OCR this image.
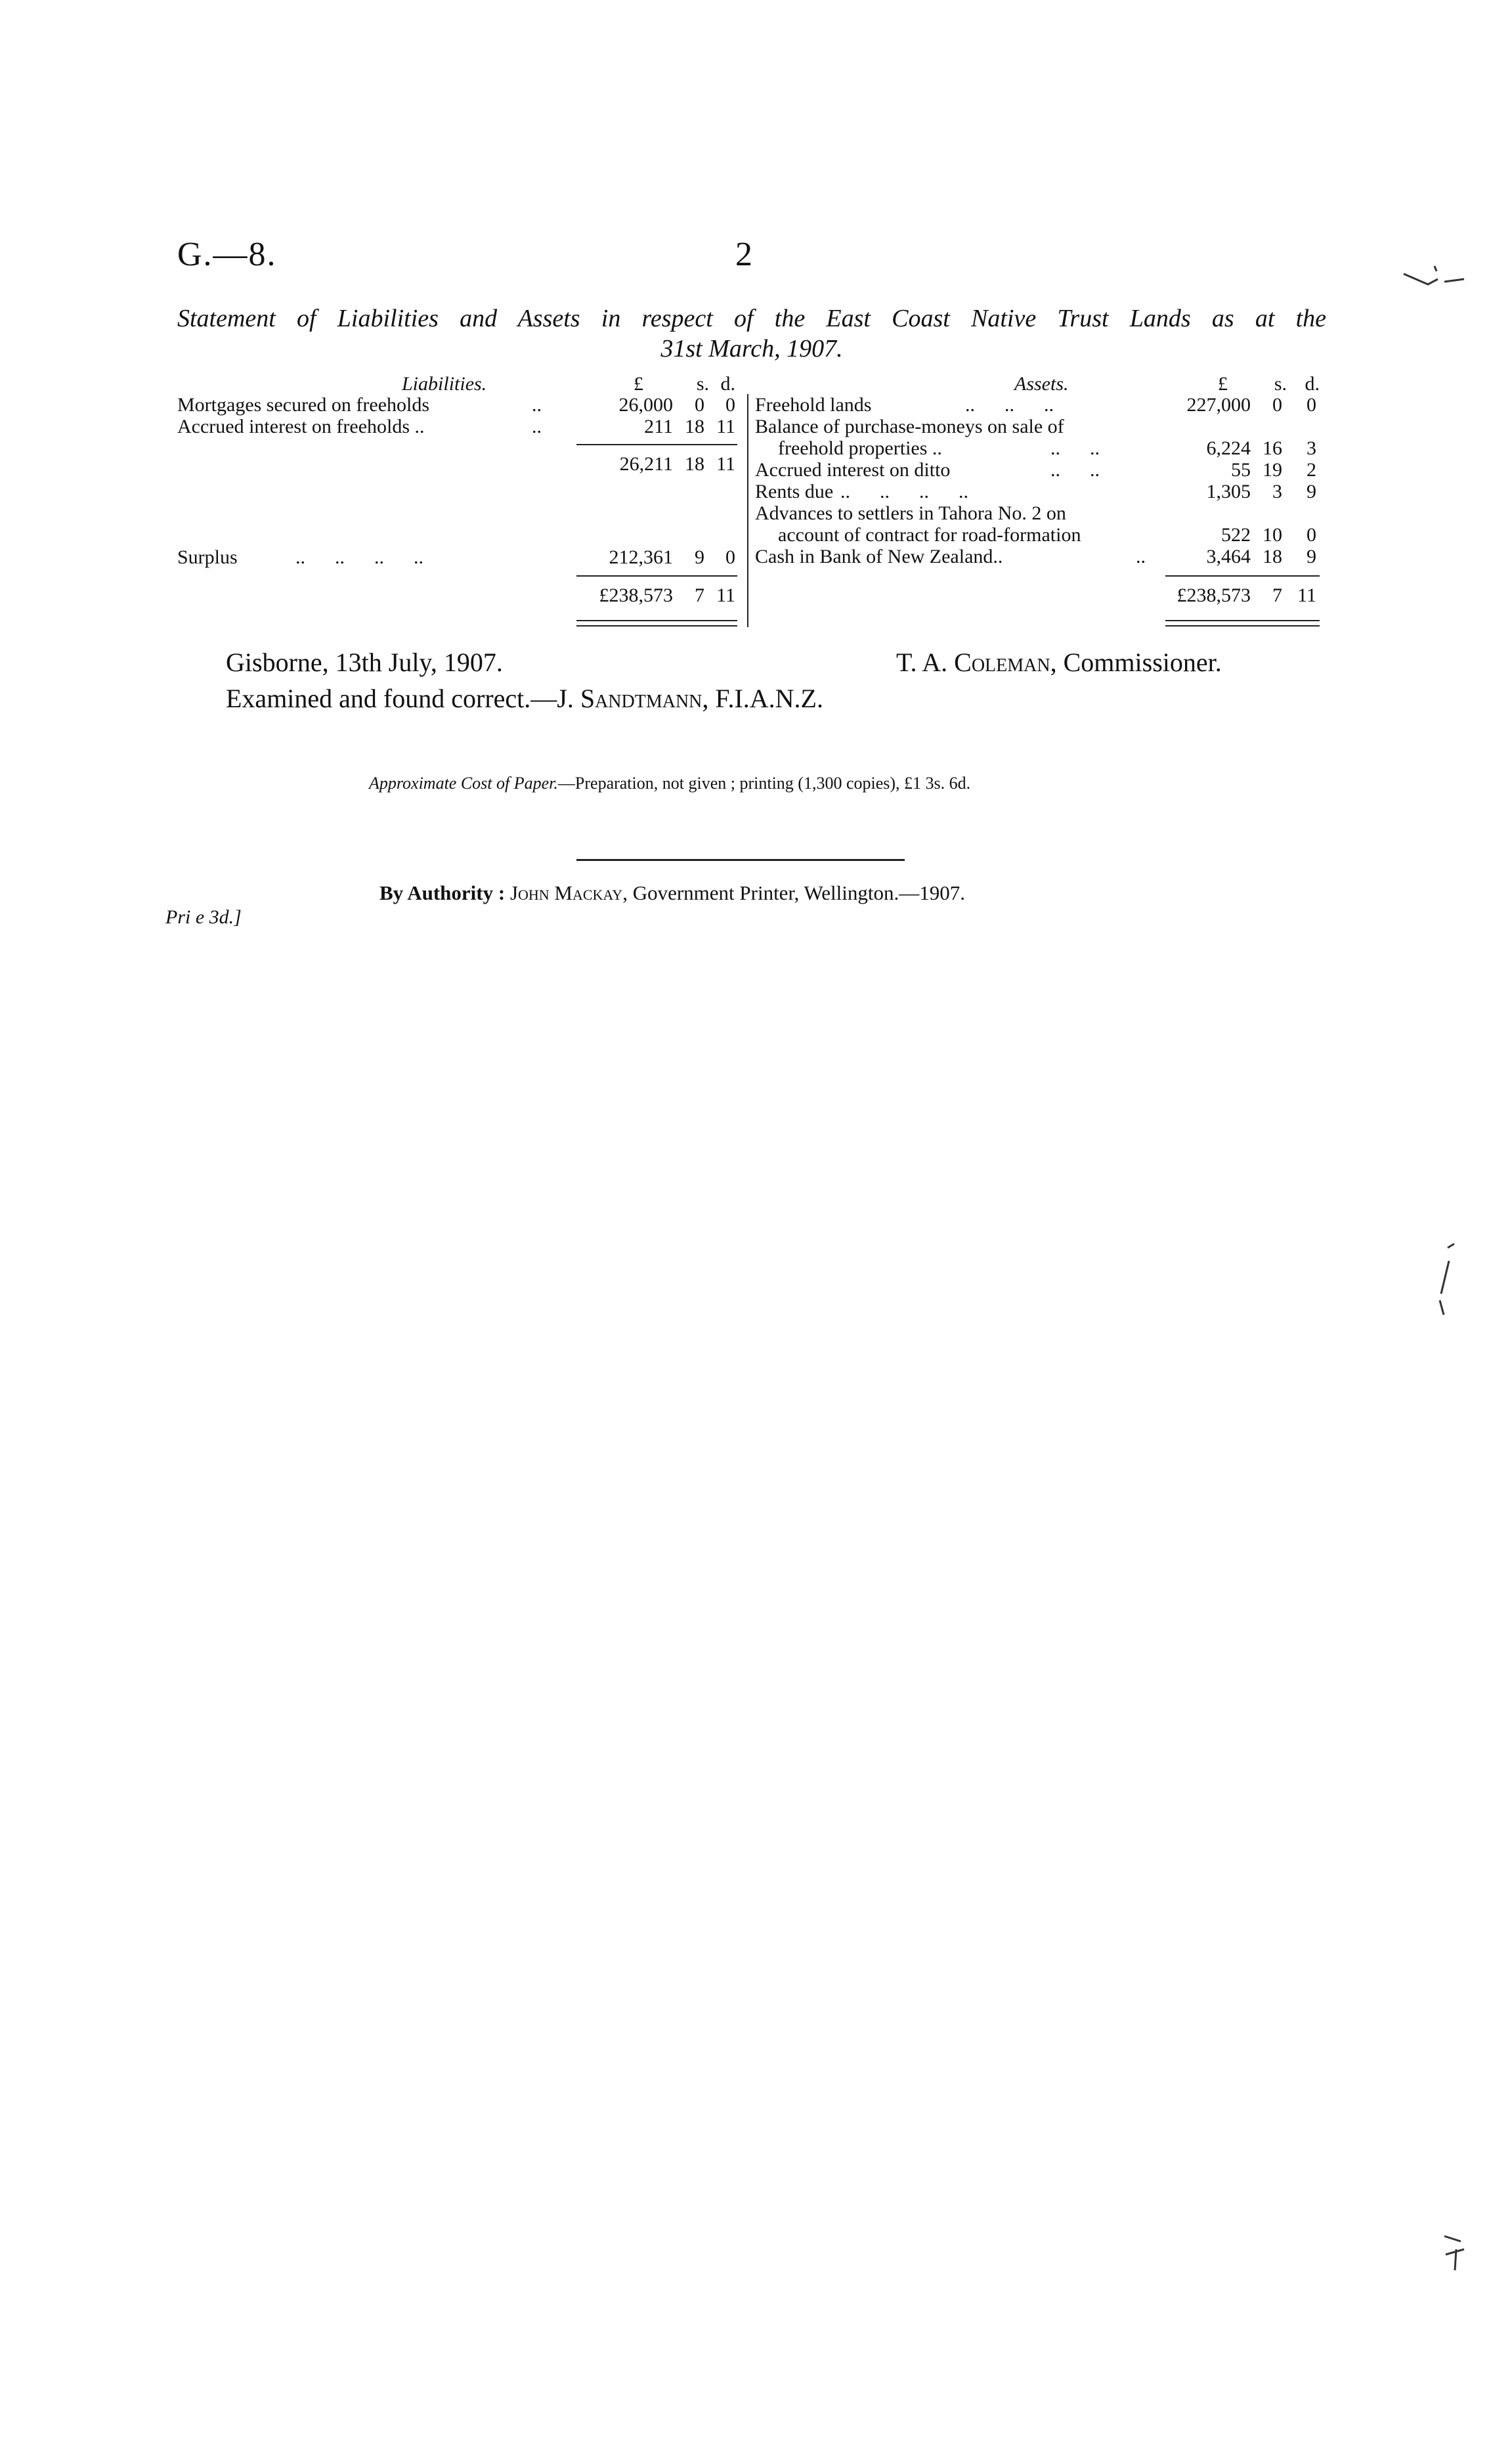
G.—8.	2
Statement of Liabilities and Assets in respect of the East Coast Native Trust Lands as at the
31st March, 1907.
Liabilities.	£	s. d.
Mortgages secured on freeholds	..	26,000	0	0
Accrued interest on freeholds ..	..	211 18 11
26,211 18 11
Surplus	..      ..      ..      ..	212,361	9	0
£238,573	7 11
Assets.	£	s. d.
Freehold lands	..      ..      ..	227,000	0	0
Balance of purchase-moneys on sale of
freehold properties ..	..      ..	6,224 16	3
Accrued interest on ditto	..      ..	55 19	2
Rents due ..      ..      ..      ..	1,305	3	9
Advances to settlers in Tahora No. 2 on
account of contract for road-formation	522 10	0
Cash in Bank of New Zealand..	..	3,464 18	9
£238,573	7 11
Gisborne, 13th July, 1907.	T. A. Coleman, Commissioner.
Examined and found correct.—J. Sandtmann, F.I.A.N.Z.
Approximate Cost of Paper.—Preparation, not given ; printing (1,300 copies), £1 3s. 6d.
By Authority : John Mackay, Government Printer, Wellington.—1907.
Pri e 3d.]
